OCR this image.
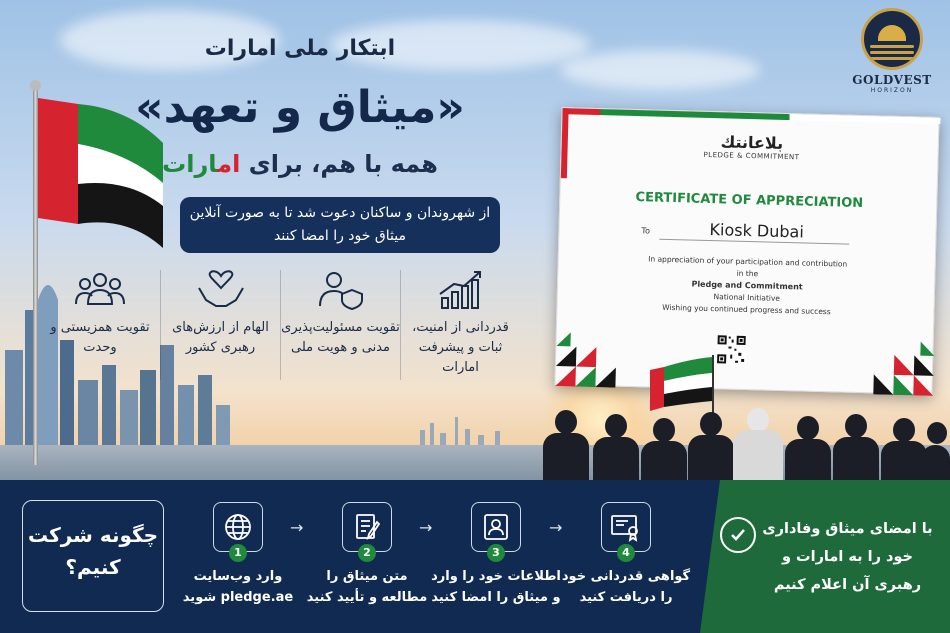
GOLDVEST
HORIZON
ابتکار ملی امارات
«میثاق و تعهد»
همه با هم، برای امارات
از شهروندان و ساکنان دعوت شد تا به صورت آنلاین میثاق خود را امضا کنند
تقویت همزیستی و وحدت
الهام از ارزش‌های رهبری کشور
تقویت مسئولیت‌پذیری مدنی و هویت ملی
قدردانی از امنیت، ثبات و پیشرفت امارات
بلاعانتك
PLEDGE & COMMITMENT
CERTIFICATE OF APPRECIATION
To	Kiosk Dubai
In appreciation of your participation and contribution
in the
Pledge and Commitment
National Initiative
Wishing you continued progress and success
چگونه شرکت کنیم؟
1
وارد وب‌سایت pledge.ae شوید
→
2
متن میثاق را مطالعه و تأیید کنید
→
3
اطلاعات خود را وارد و میثاق را امضا کنید
→
4
گواهی قدردانی خود را دریافت کنید
با امضای میثاق وفاداری خود را به امارات و رهبری آن اعلام کنیم
